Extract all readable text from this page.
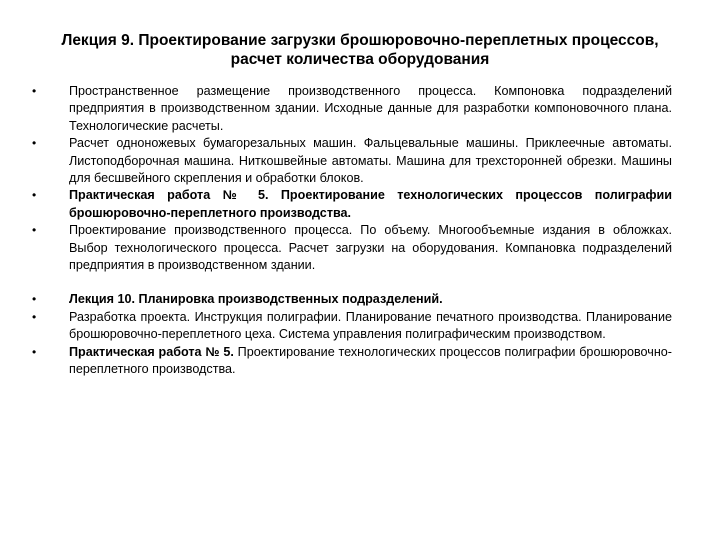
Лекция 9. Проектирование загрузки брошюровочно-переплетных процессов,
расчет количества оборудования
•	Пространственное размещение производственного процесса. Компоновка подразделений предприятия в производственном здании. Исходные данные для разработки компоновочного плана. Технологические расчеты.
•	Расчет одноножевых бумагорезальных машин. Фальцевальные машины. Приклеечные автоматы. Листоподборочная машина. Ниткошвейные автоматы. Машина для трехсторонней обрезки. Машины для бесшвейного скрепления и обработки блоков.
•	Практическая работа № 5. Проектирование технологических процессов полиграфии брошюровочно-переплетного производства.
•	Проектирование производственного процесса. По объему. Многообъемные издания в обложках. Выбор технологического процесса. Расчет загрузки на оборудования. Компановка подразделений предприятия в производственном здании.
•	Лекция 10. Планировка производственных подразделений.
•	Разработка проекта. Инструкция полиграфии. Планирование печатного производства. Планирование брошюровочно-переплетного цеха. Система управления полиграфическим производством.
•	Практическая работа № 5. Проектирование технологических процессов полиграфии брошюровочно-переплетного производства.
